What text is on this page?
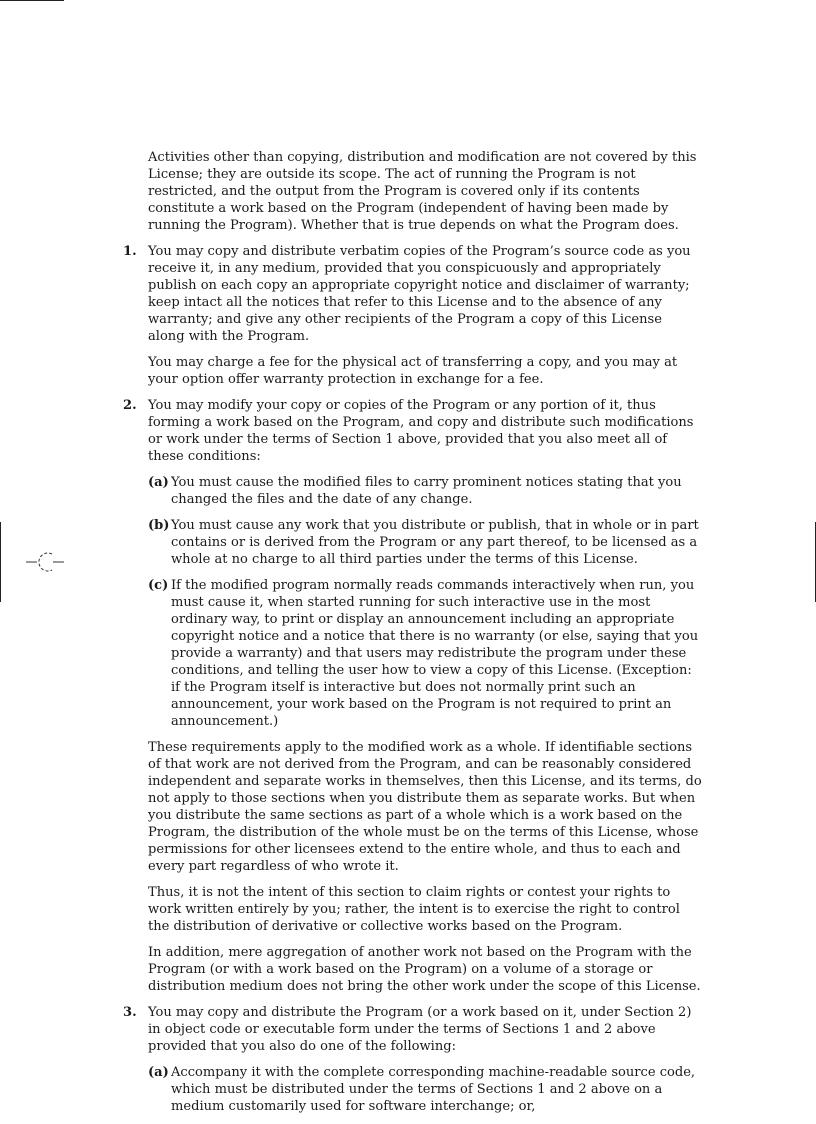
Activities other than copying, distribution and modification are not covered by this License; they are outside its scope. The act of running the Program is not restricted, and the output from the Program is covered only if its contents constitute a work based on the Program (independent of having been made by running the Program). Whether that is true depends on what the Program does.

1. You may copy and distribute verbatim copies of the Program’s source code as you receive it, in any medium, provided that you conspicuously and appropriately publish on each copy an appropriate copyright notice and disclaimer of warranty; keep intact all the notices that refer to this License and to the absence of any warranty; and give any other recipients of the Program a copy of this License along with the Program.

You may charge a fee for the physical act of transferring a copy, and you may at your option offer warranty protection in exchange for a fee.

2. You may modify your copy or copies of the Program or any portion of it, thus forming a work based on the Program, and copy and distribute such modifications or work under the terms of Section 1 above, provided that you also meet all of these conditions:

(a) You must cause the modified files to carry prominent notices stating that you changed the files and the date of any change.
(b) You must cause any work that you distribute or publish, that in whole or in part contains or is derived from the Program or any part thereof, to be licensed as a whole at no charge to all third parties under the terms of this License.
(c) If the modified program normally reads commands interactively when run, you must cause it, when started running for such interactive use in the most ordinary way, to print or display an announcement including an appropriate copyright notice and a notice that there is no warranty (or else, saying that you provide a warranty) and that users may redistribute the program under these conditions, and telling the user how to view a copy of this License. (Exception: if the Program itself is interactive but does not normally print such an announcement, your work based on the Program is not required to print an announcement.)

These requirements apply to the modified work as a whole. If identifiable sections of that work are not derived from the Program, and can be reasonably considered independent and separate works in themselves, then this License, and its terms, do not apply to those sections when you distribute them as separate works. But when you distribute the same sections as part of a whole which is a work based on the Program, the distribution of the whole must be on the terms of this License, whose permissions for other licensees extend to the entire whole, and thus to each and every part regardless of who wrote it.

Thus, it is not the intent of this section to claim rights or contest your rights to work written entirely by you; rather, the intent is to exercise the right to control the distribution of derivative or collective works based on the Program.

In addition, mere aggregation of another work not based on the Program with the Program (or with a work based on the Program) on a volume of a storage or distribution medium does not bring the other work under the scope of this License.

3. You may copy and distribute the Program (or a work based on it, under Section 2) in object code or executable form under the terms of Sections 1 and 2 above provided that you also do one of the following:

(a) Accompany it with the complete corresponding machine-readable source code, which must be distributed under the terms of Sections 1 and 2 above on a medium customarily used for software interchange; or,
